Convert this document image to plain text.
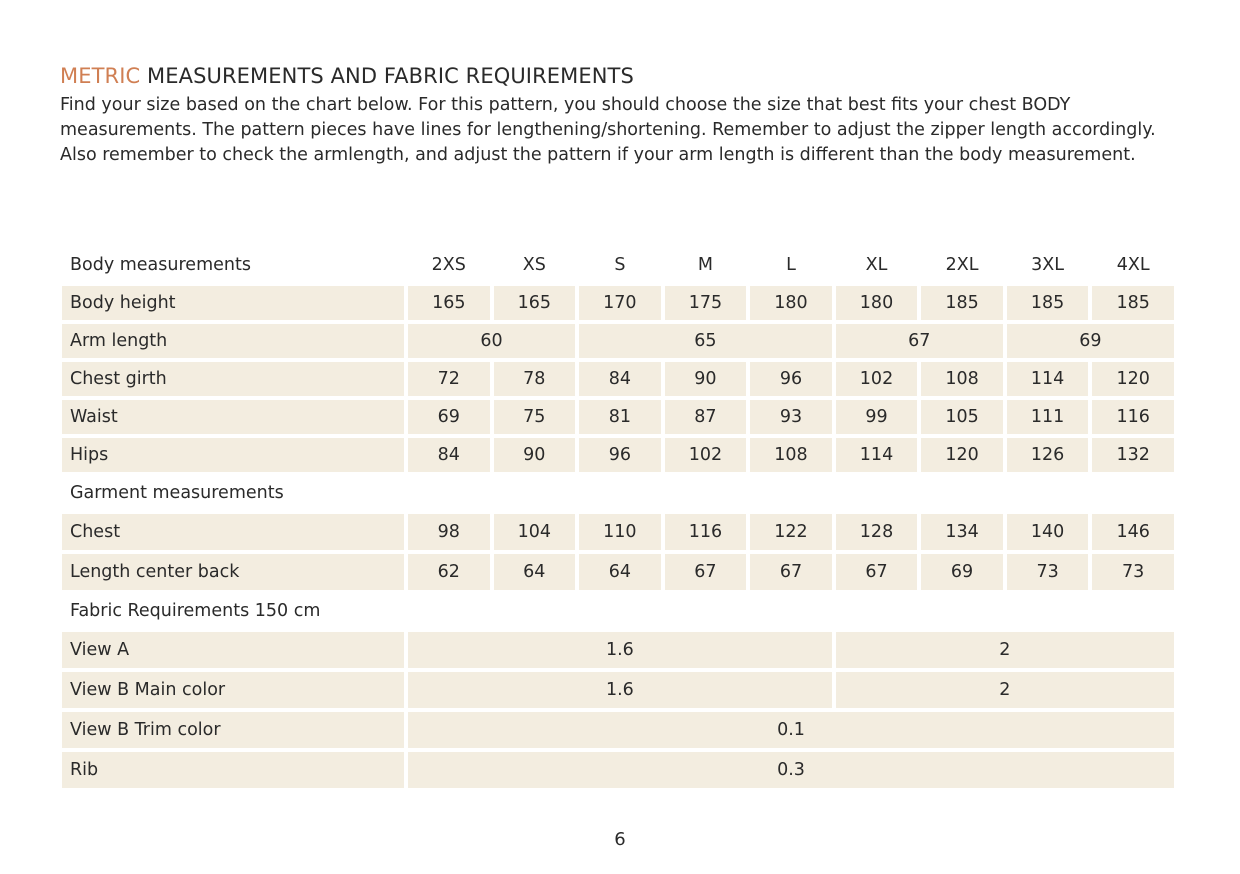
METRIC MEASUREMENTS AND FABRIC REQUIREMENTS

Find your size based on the chart below. For this pattern, you should choose the size that best fits your chest BODY measurements. The pattern pieces have lines for lengthening/shortening. Remember to adjust the zipper length accordingly. Also remember to check the armlength, and adjust the pattern if your arm length is different than the body measurement.

Body measurements	2XS	XS	S	M	L	XL	2XL	3XL	4XL
Body height	165	165	170	175	180	180	185	185	185
Arm length	60		65			67		69	
Chest girth	72	78	84	90	96	102	108	114	120
Waist	69	75	81	87	93	99	105	111	116
Hips	84	90	96	102	108	114	120	126	132
Garment measurements									
Chest	98	104	110	116	122	128	134	140	146
Length center back	62	64	64	67	67	67	69	73	73
Fabric Requirements 150 cm									
View A	1.6					2			
View B Main color	1.6					2			
View B Trim color	0.1								
Rib	0.3								
6
